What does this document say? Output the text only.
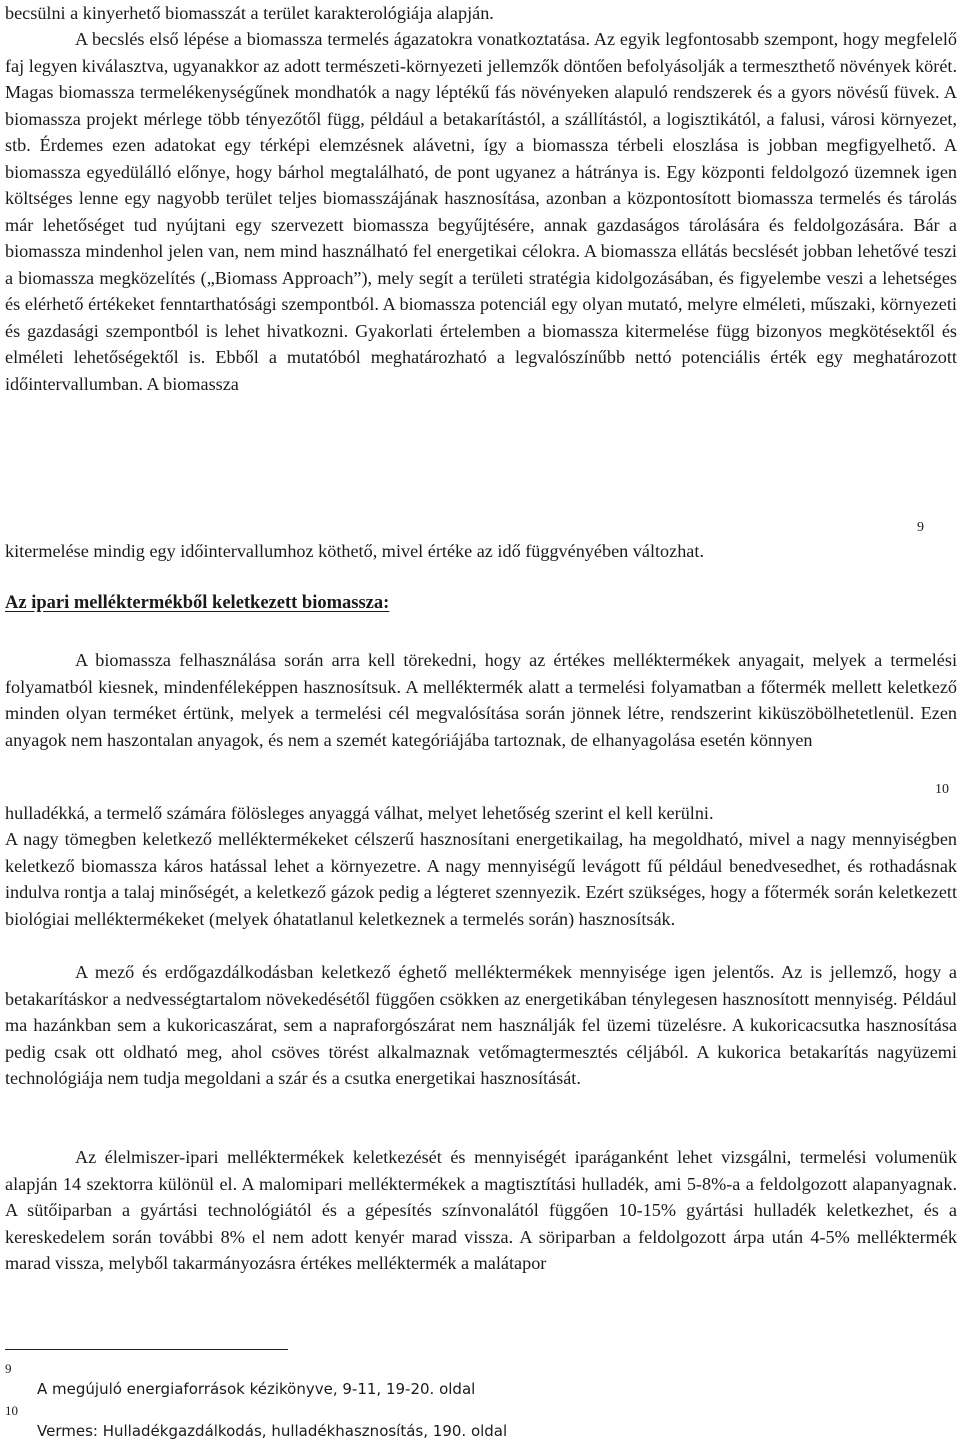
becsülni a kinyerhető biomasszát a terület karakterológiája alapján.

A becslés első lépése a biomassza termelés ágazatokra vonatkoztatása. Az egyik legfontosabb szempont, hogy megfelelő faj legyen kiválasztva, ugyanakkor az adott természeti-környezeti jellemzők döntően befolyásolják a termeszthető növények körét. Magas biomassza termelékenységűnek mondhatók a nagy léptékű fás növényeken alapuló rendszerek és a gyors növésű füvek. A biomassza projekt mérlege több tényezőtől függ, például a betakarítástól, a szállítástól, a logisztikától, a falusi, városi környezet, stb. Érdemes ezen adatokat egy térképi elemzésnek alávetni, így a biomassza térbeli eloszlása is jobban megfigyelhető. A biomassza egyedülálló előnye, hogy bárhol megtalálható, de pont ugyanez a hátránya is. Egy központi feldolgozó üzemnek igen költséges lenne egy nagyobb terület teljes biomasszájának hasznosítása, azonban a központosított biomassza termelés és tárolás már lehetőséget tud nyújtani egy szervezett biomassza begyűjtésére, annak gazdaságos tárolására és feldolgozására. Bár a biomassza mindenhol jelen van, nem mind használható fel energetikai célokra. A biomassza ellátás becslését jobban lehetővé teszi a biomassza megközelítés („Biomass Approach”), mely segít a területi stratégia kidolgozásában, és figyelembe veszi a lehetséges és elérhető értékeket fenntarthatósági szempontból. A biomassza potenciál egy olyan mutató, melyre elméleti, műszaki, környezeti és gazdasági szempontból is lehet hivatkozni. Gyakorlati értelemben a biomassza kitermelése függ bizonyos megkötésektől és elméleti lehetőségektől is. Ebből a mutatóból meghatározható a legvalószínűbb nettó potenciális érték egy meghatározott időintervallumban. A biomassza

9

kitermelése mindig egy időintervallumhoz köthető, mivel értéke az idő függvényében változhat.

Az ipari melléktermékből keletkezett biomassza:

A biomassza felhasználása során arra kell törekedni, hogy az értékes melléktermékek anyagait, melyek a termelési folyamatból kiesnek, mindenféleképpen hasznosítsuk. A melléktermék alatt a termelési folyamatban a főtermék mellett keletkező minden olyan terméket értünk, melyek a termelési cél megvalósítása során jönnek létre, rendszerint kiküszöbölhetetlenül. Ezen anyagok nem haszontalan anyagok, és nem a szemét kategóriájába tartoznak, de elhanyagolása esetén könnyen

10

hulladékká, a termelő számára fölösleges anyaggá válhat, melyet lehetőség szerint el kell kerülni.

A nagy tömegben keletkező melléktermékeket célszerű hasznosítani energetikailag, ha megoldható, mivel a nagy mennyiségben keletkező biomassza káros hatással lehet a környezetre. A nagy mennyiségű levágott fű például benedvesedhet, és rothadásnak indulva rontja a talaj minőségét, a keletkező gázok pedig a légteret szennyezik. Ezért szükséges, hogy a főtermék során keletkezett biológiai melléktermékeket (melyek óhatatlanul keletkeznek a termelés során) hasznosítsák.

A mező és erdőgazdálkodásban keletkező éghető melléktermékek mennyisége igen jelentős. Az is jellemző, hogy a betakarításkor a nedvességtartalom növekedésétől függően csökken az energetikában ténylegesen hasznosított mennyiség. Például ma hazánkban sem a kukoricaszárat, sem a napraforgószárat nem használják fel üzemi tüzelésre. A kukoricacsutka hasznosítása pedig csak ott oldható meg, ahol csöves törést alkalmaznak vetőmagtermesztés céljából. A kukorica betakarítás nagyüzemi technológiája nem tudja megoldani a szár és a csutka energetikai hasznosítását.

Az élelmiszer-ipari melléktermékek keletkezését és mennyiségét iparáganként lehet vizsgálni, termelési volumenük alapján 14 szektorra különül el. A malomipari melléktermékek a magtisztítási hulladék, ami 5-8%-a a feldolgozott alapanyagnak. A sütőiparban a gyártási technológiától és a gépesítés színvonalától függően 10-15% gyártási hulladék keletkezhet, és a kereskedelem során további 8% el nem adott kenyér marad vissza. A söriparban a feldolgozott árpa után 4-5% melléktermék marad vissza, melyből takarmányozásra értékes melléktermék a malátapor

9
A megújuló energiaforrások kézikönyve, 9-11, 19-20. oldal
10
Vermes: Hulladékgazdálkodás, hulladékhasznosítás, 190. oldal
